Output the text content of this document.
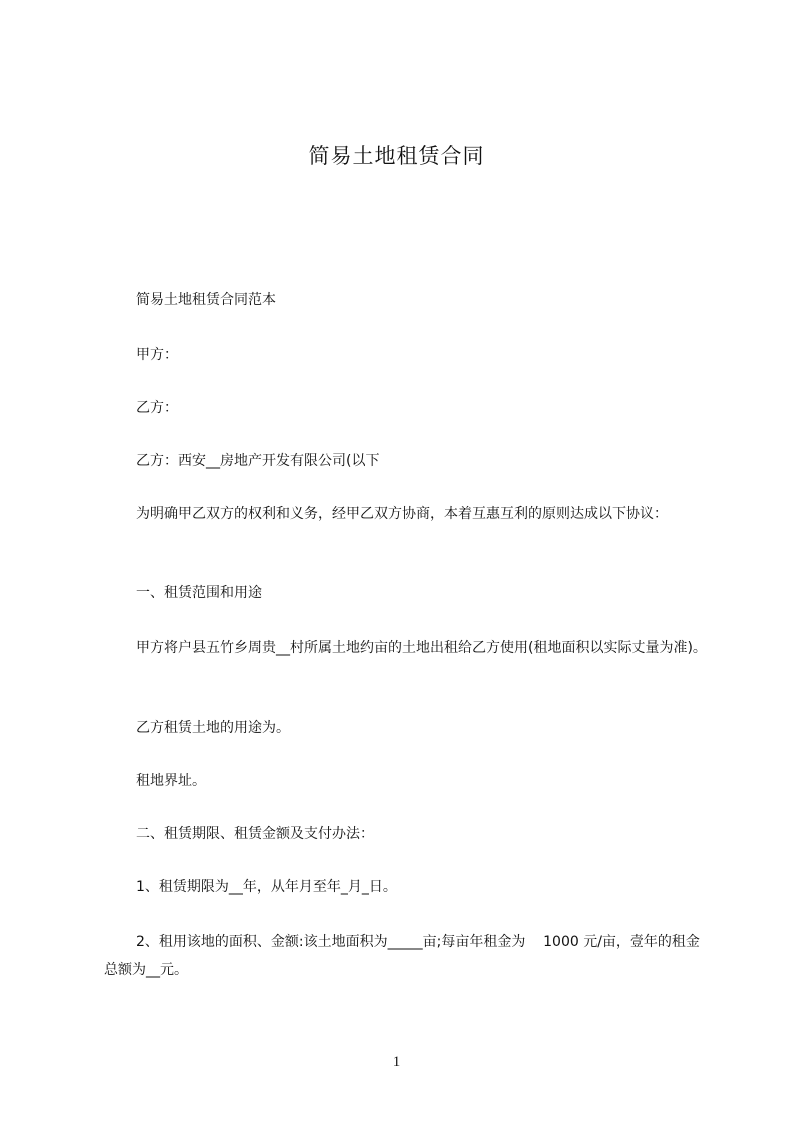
简易土地租赁合同

简易土地租赁合同范本

甲方：

乙方：

乙方：西安__房地产开发有限公司(以下

为明确甲乙双方的权利和义务，经甲乙双方协商，本着互惠互利的原则达成以下协议：

一、租赁范围和用途

甲方将户县五竹乡周贵__村所属土地约亩的土地出租给乙方使用(租地面积以实际丈量为准)。

乙方租赁土地的用途为。

租地界址。

二、租赁期限、租赁金额及支付办法：

1、租赁期限为__年，从年月至年_月_日。

2、租用该地的面积、金额:该土地面积为_____亩;每亩年租金为    1000 元/亩，壹年的租金总额为__元。

1
